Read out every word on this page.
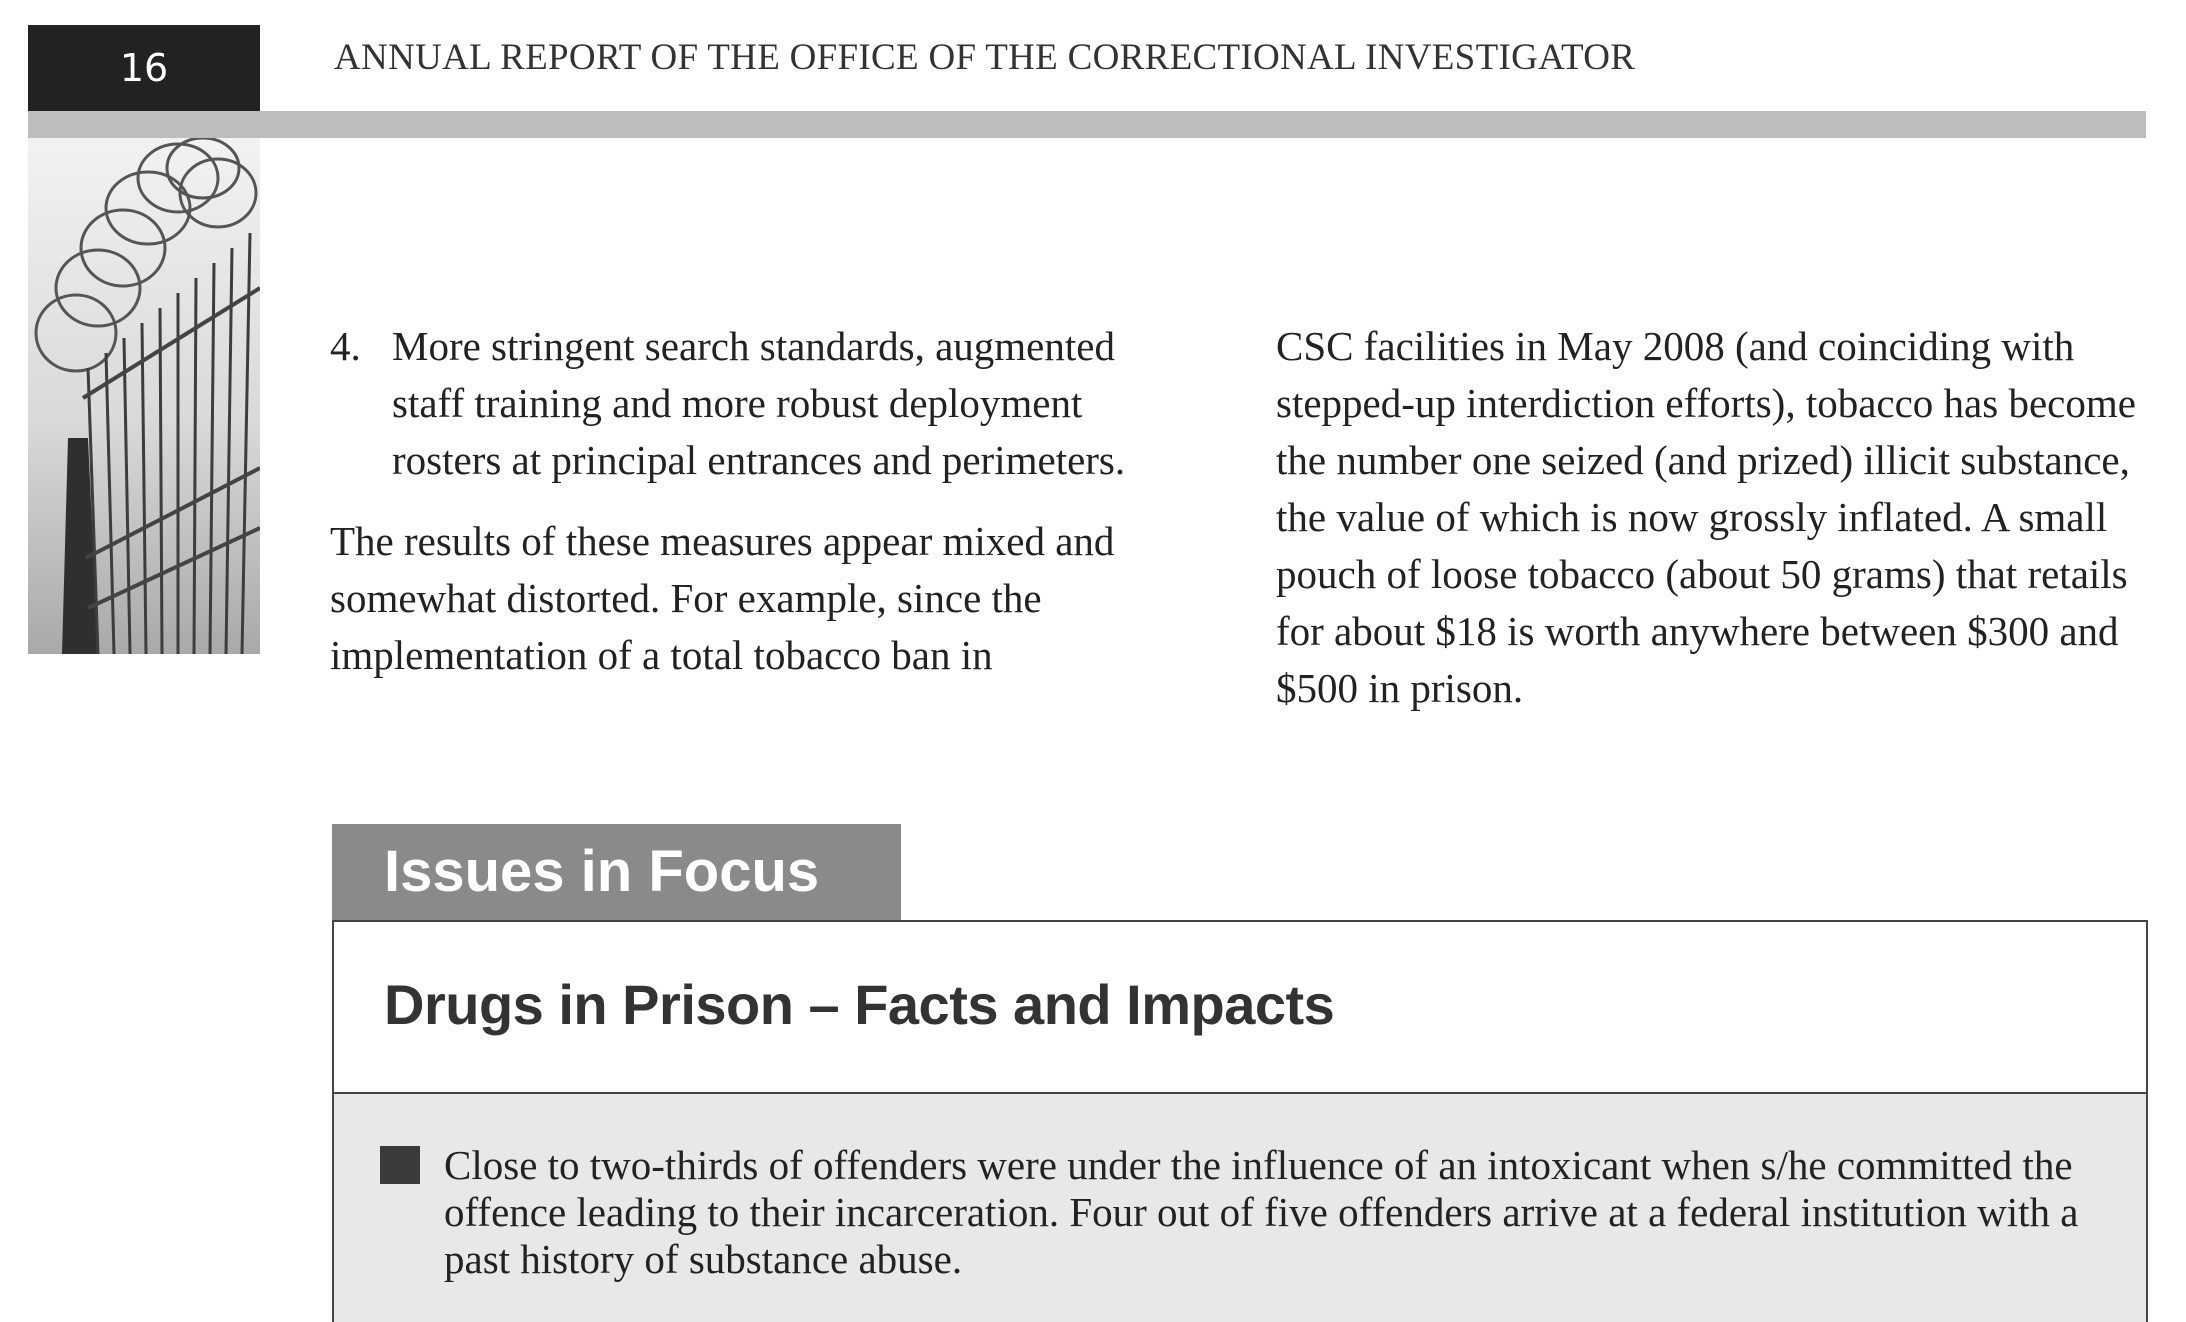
16	ANNUAL REPORT OF THE OFFICE OF THE CORRECTIONAL INVESTIGATOR

4. More stringent search standards, augmented staff training and more robust deployment rosters at principal entrances and perimeters.

The results of these measures appear mixed and somewhat distorted. For example, since the implementation of a total tobacco ban in

CSC facilities in May 2008 (and coinciding with stepped-up interdiction efforts), tobacco has become the number one seized (and prized) illicit substance, the value of which is now grossly inflated. A small pouch of loose tobacco (about 50 grams) that retails for about $18 is worth anywhere between $300 and $500 in prison.

Issues in Focus
Drugs in Prison – Facts and Impacts

Close to two-thirds of offenders were under the influence of an intoxicant when s/he committed the offence leading to their incarceration. Four out of five offenders arrive at a federal institution with a past history of substance abuse.
